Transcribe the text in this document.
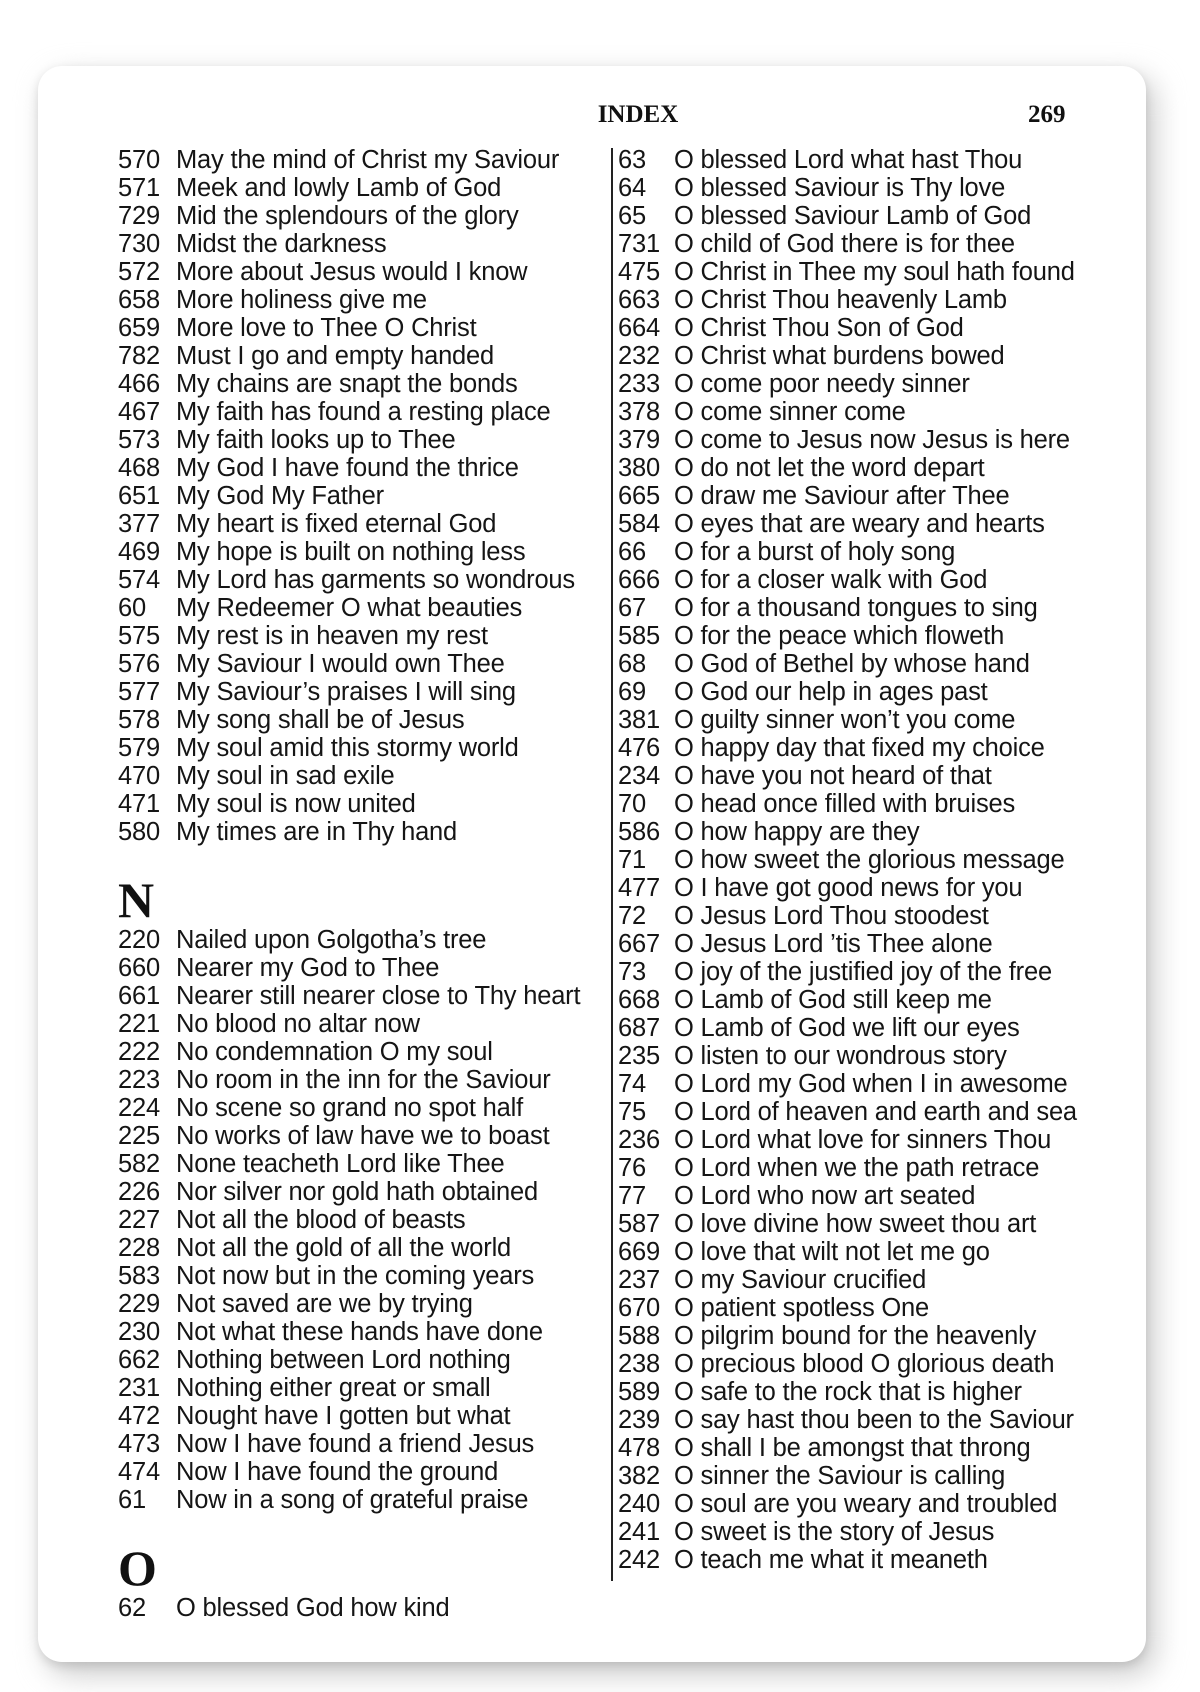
INDEX	269
570 May the mind of Christ my Saviour
571 Meek and lowly Lamb of God
729 Mid the splendours of the glory
730 Midst the darkness
572 More about Jesus would I know
658 More holiness give me
659 More love to Thee O Christ
782 Must I go and empty handed
466 My chains are snapt the bonds
467 My faith has found a resting place
573 My faith looks up to Thee
468 My God I have found the thrice
651 My God My Father
377 My heart is fixed eternal God
469 My hope is built on nothing less
574 My Lord has garments so wondrous
60	My Redeemer O what beauties
575 My rest is in heaven my rest
576 My Saviour I would own Thee
577 My Saviour’s praises I will sing
578 My song shall be of Jesus
579 My soul amid this stormy world
470 My soul in sad exile
471 My soul is now united
580 My times are in Thy hand
N
220 Nailed upon Golgotha’s tree
660 Nearer my God to Thee
661 Nearer still nearer close to Thy heart
221 No blood no altar now
222 No condemnation O my soul
223 No room in the inn for the Saviour
224 No scene so grand no spot half
225 No works of law have we to boast
582 None teacheth Lord like Thee
226 Nor silver nor gold hath obtained
227 Not all the blood of beasts
228 Not all the gold of all the world
583 Not now but in the coming years
229 Not saved are we by trying
230 Not what these hands have done
662 Nothing between Lord nothing
231 Nothing either great or small
472 Nought have I gotten but what
473 Now I have found a friend Jesus
474 Now I have found the ground
61	Now in a song of grateful praise
O
62	O blessed God how kind
63	O blessed Lord what hast Thou
64	O blessed Saviour is Thy love
65	O blessed Saviour Lamb of God
731 O child of God there is for thee
475 O Christ in Thee my soul hath found
663 O Christ Thou heavenly Lamb
664 O Christ Thou Son of God
232 O Christ what burdens bowed
233 O come poor needy sinner
378 O come sinner come
379 O come to Jesus now Jesus is here
380 O do not let the word depart
665 O draw me Saviour after Thee
584 O eyes that are weary and hearts
66	O for a burst of holy song
666 O for a closer walk with God
67	O for a thousand tongues to sing
585 O for the peace which floweth
68	O God of Bethel by whose hand
69	O God our help in ages past
381 O guilty sinner won’t you come
476 O happy day that fixed my choice
234 O have you not heard of that
70	O head once filled with bruises
586 O how happy are they
71	O how sweet the glorious message
477 O I have got good news for you
72	O Jesus Lord Thou stoodest
667 O Jesus Lord ’tis Thee alone
73	O joy of the justified joy of the free
668 O Lamb of God still keep me
687 O Lamb of God we lift our eyes
235 O listen to our wondrous story
74	O Lord my God when I in awesome
75	O Lord of heaven and earth and sea
236 O Lord what love for sinners Thou
76	O Lord when we the path retrace
77	O Lord who now art seated
587 O love divine how sweet thou art
669 O love that wilt not let me go
237 O my Saviour crucified
670 O patient spotless One
588 O pilgrim bound for the heavenly
238 O precious blood O glorious death
589 O safe to the rock that is higher
239 O say hast thou been to the Saviour
478 O shall I be amongst that throng
382 O sinner the Saviour is calling
240 O soul are you weary and troubled
241 O sweet is the story of Jesus
242 O teach me what it meaneth
